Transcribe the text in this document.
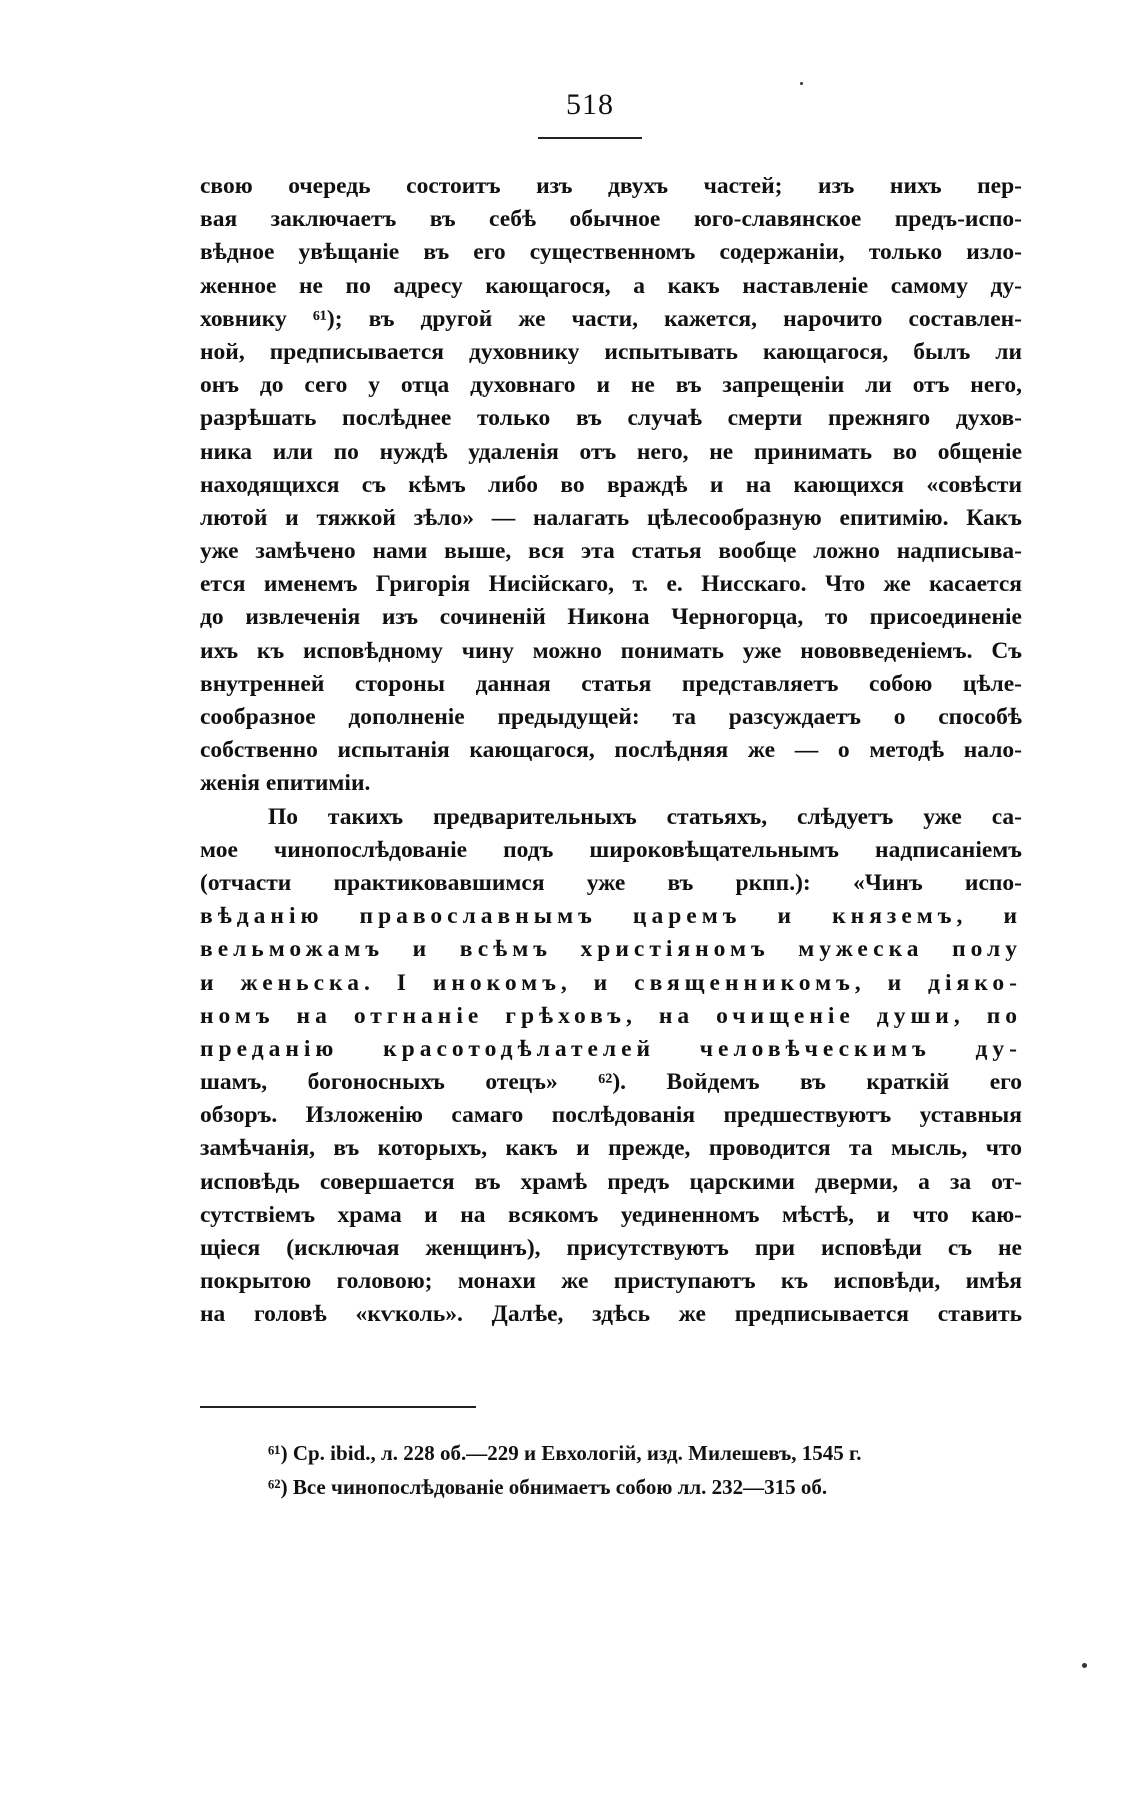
518
свою очередь состоитъ изъ двухъ частей; изъ нихъ пер-
вая заключаетъ въ себѣ обычное юго-славянское предъ-испо-
вѣдное увѣщаніе въ его существенномъ содержаніи, только изло-
женное не по адресу кающагося, а какъ наставленіе самому ду-
ховнику ⁶¹); въ другой же части, кажется, нарочито составлен-
ной, предписывается духовнику испытывать кающагося, былъ ли
онъ до сего у отца духовнаго и не въ запрещеніи ли отъ него,
разрѣшать послѣднее только въ случаѣ смерти прежняго духов-
ника или по нуждѣ удаленія отъ него, не принимать во общеніе
находящихся съ кѣмъ либо во враждѣ и на кающихся «совѣсти
лютой и тяжкой зѣло» — налагать цѣлесообразную епитимію. Какъ
уже замѣчено нами выше, вся эта статья вообще ложно надписыва-
ется именемъ Григорія Нисійскаго, т. е. Нисскаго. Что же касается
до извлеченія изъ сочиненій Никона Черногорца, то присоединеніе
ихъ къ исповѣдному чину можно понимать уже нововведеніемъ. Съ
внутренней стороны данная статья представляетъ собою цѣле-
сообразное дополненіе предыдущей: та разсуждаетъ о способѣ
собственно испытанія кающагося, послѣдняя же — о методѣ нало-
женія епитиміи.
По такихъ предварительныхъ статьяхъ, слѣдуетъ уже са-
мое чинопослѣдованіе подъ широковѣщательнымъ надписаніемъ
(отчасти практиковавшимся уже въ ркпп.): «Чинъ испо-
вѣданію православнымъ царемъ и княземъ, и
вельможамъ и всѣмъ христіяномъ мужеска полу
и женьска. І инокомъ, и священникомъ, и діяко-
номъ на отгнаніе грѣховъ, на очищеніе души, по
преданію красотодѣлателей человѣческимъ ду-
шамъ, богоносныхъ отецъ» ⁶²). Войдемъ въ краткій его
обзоръ. Изложенію самаго послѣдованія предшествуютъ уставныя
замѣчанія, въ которыхъ, какъ и прежде, проводится та мысль, что
исповѣдь совершается въ храмѣ предъ царскими дверми, а за от-
сутствіемъ храма и на всякомъ уединенномъ мѣстѣ, и что каю-
щіеся (исключая женщинъ), присутствуютъ при исповѣди съ не
покрытою головою; монахи же приступаютъ къ исповѣди, имѣя
на головѣ «кѵколь». Далѣе, здѣсь же предписывается ставить
⁶¹) Ср. ibid., л. 228 об.—229 и Евхологій, изд. Милешевъ, 1545 г.
⁶²) Все чинопослѣдованіе обнимаетъ собою лл. 232—315 об.
